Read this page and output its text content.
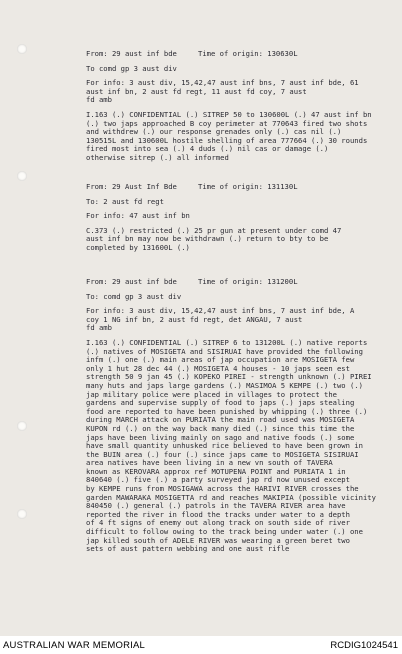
From: 29 aust inf bde	Time of origin: 130630L
To comd gp 3 aust div

For info: 3 aust div, 15,42,47 aust inf bns, 7 aust inf bde, 61
aust inf bn, 2 aust fd regt, 11 aust fd coy, 7 aust
fd amb

I.163 (.) CONFIDENTIAL (.) SITREP 50 to 130600L (.) 47 aust inf bn
(.) two japs approached B coy perimeter at 770643 fired two shots
and withdrew (.) our response grenades only (.) cas nil (.)
130515L and 130600L hostile shelling of area 777664 (.) 30 rounds
fired most into sea (.) 4 duds (.) nil cas or damage (.)
otherwise sitrep (.) all informed

From: 29 Aust Inf Bde	Time of origin: 131130L
To: 2 aust fd regt
For info: 47 aust inf bn

C.373 (.) restricted (.) 25 pr gun at present under comd 47
aust inf bn may now be withdrawn (.) return to bty to be
completed by 131600L (.)

From: 29 aust inf bde	Time of origin: 131200L
To: comd gp 3 aust div

For info: 3 aust div, 15,42,47 aust inf bns, 7 aust inf bde, A
coy 1 NG inf bn, 2 aust fd regt, det ANGAU, 7 aust
fd amb

I.163 (.) CONFIDENTIAL (.) SITREP 6 to 131200L (.) native reports
(.) natives of MOSIGETA and SISIRUAI have provided the following
infm (.) one (.) main areas of jap occupation are MOSIGETA few
only 1 hut 28 dec 44 (.) MOSIGETA 4 houses - 10 japs seen est
strength 50 9 jan 45 (.) KOPEKO PIREI - strength unknown (.) PIREI
many huts and japs large gardens (.) MASIMOA 5 KEMPE (.) two (.)
jap military police were placed in villages to protect the
gardens and supervise supply of food to japs (.) japs stealing
food are reported to have been punished by whipping (.) three (.)
during MARCH attack on PURIATA the main road used was MOSIGETA
KUPON rd (.) on the way back many died (.) since this time the
japs have been living mainly on sago and native foods (.) some
have small quantity unhusked rice believed to have been grown in
the BUIN area (.) four (.) since japs came to MOSIGETA SISIRUAI
area natives have been living in a new vn south of TAVERA
known as KEROVARA approx ref MOTUPENA POINT and PURIATA 1 in
840640 (.) five (.) a party surveyed jap rd now unused except
by KEMPE runs from MOSIGAWA across the HARIVI RIVER crosses the
garden MAWARAKA MOSIGETTA rd and reaches MAKIPIA (possible vicinity
840450 (.) general (.) patrols in the TAVERA RIVER area have
reported the river in flood the tracks under water to a depth
of 4 ft signs of enemy out along track on south side of river
difficult to follow owing to the track being under water (.) one
jap killed south of ADELE RIVER was wearing a green beret two
sets of aust pattern webbing and one aust rifle

AUSTRALIAN WAR MEMORIAL	RCDIG1024541
